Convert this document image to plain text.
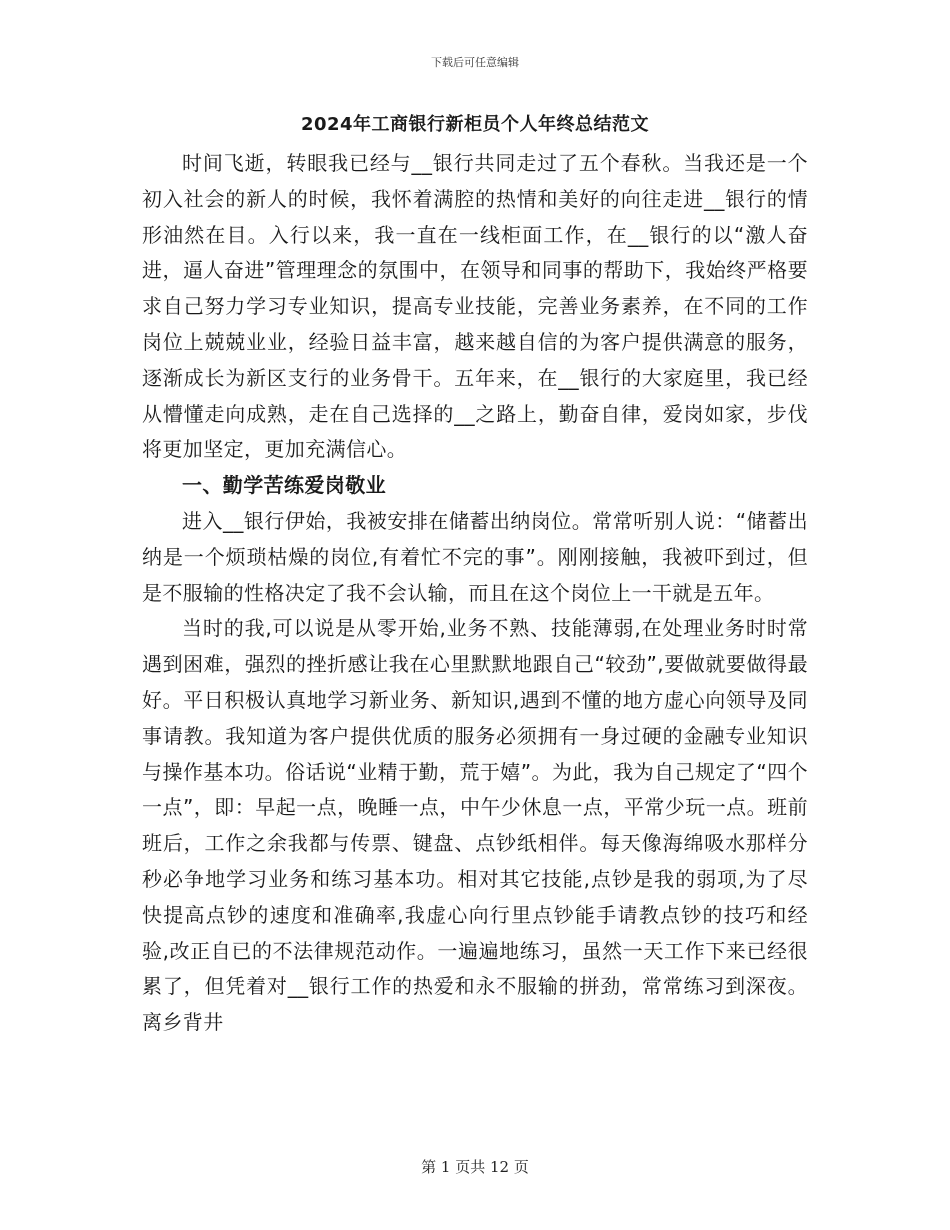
下载后可任意编辑
2024年工商银行新柜员个人年终总结范文

时间飞逝，转眼我已经与__银行共同走过了五个春秋。当我还是一个初入社会的新人的时候，我怀着满腔的热情和美好的向往走进__银行的情形油然在目。入行以来，我一直在一线柜面工作，在__银行的以“激人奋进，逼人奋进”管理理念的氛围中，在领导和同事的帮助下，我始终严格要求自己努力学习专业知识，提高专业技能，完善业务素养，在不同的工作岗位上兢兢业业，经验日益丰富，越来越自信的为客户提供满意的服务，逐渐成长为新区支行的业务骨干。五年来，在__银行的大家庭里，我已经从懵懂走向成熟，走在自己选择的__之路上，勤奋自律，爱岗如家，步伐将更加坚定，更加充满信心。

一、勤学苦练爱岗敬业

进入__银行伊始，我被安排在储蓄出纳岗位。常常听别人说：“储蓄出纳是一个烦琐枯燥的岗位,有着忙不完的事”。刚刚接触，我被吓到过，但是不服输的性格决定了我不会认输，而且在这个岗位上一干就是五年。

当时的我,可以说是从零开始,业务不熟、技能薄弱,在处理业务时时常遇到困难，强烈的挫折感让我在心里默默地跟自己“较劲”,要做就要做得最好。平日积极认真地学习新业务、新知识,遇到不懂的地方虚心向领导及同事请教。我知道为客户提供优质的服务必须拥有一身过硬的金融专业知识与操作基本功。俗话说“业精于勤，荒于嬉”。为此，我为自己规定了“四个一点”，即：早起一点，晚睡一点，中午少休息一点，平常少玩一点。班前班后，工作之余我都与传票、键盘、点钞纸相伴。每天像海绵吸水那样分秒必争地学习业务和练习基本功。相对其它技能,点钞是我的弱项,为了尽快提高点钞的速度和准确率,我虚心向行里点钞能手请教点钞的技巧和经验,改正自已的不法律规范动作。一遍遍地练习，虽然一天工作下来已经很累了，但凭着对__银行工作的热爱和永不服输的拼劲，常常练习到深夜。离乡背井

第 1 页共 12 页
